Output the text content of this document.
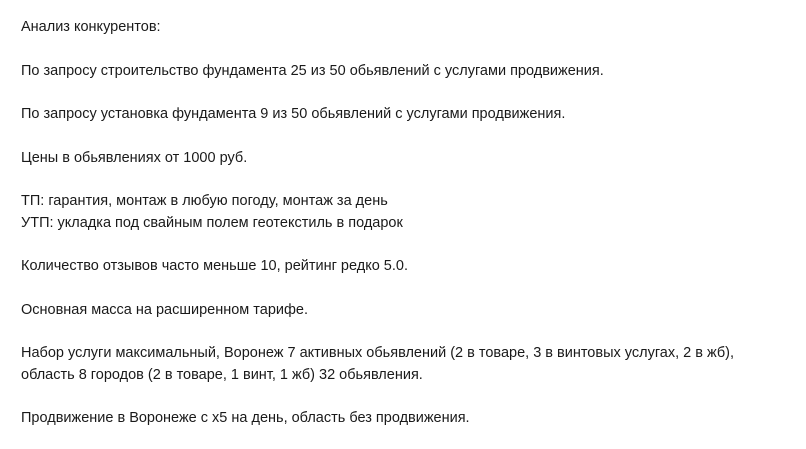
Анализ конкурентов:

По запросу строительство фундамента 25 из 50 обьявлений с услугами продвижения.

По запросу установка фундамента 9 из 50 обьявлений с услугами продвижения.

Цены в обьявлениях от 1000 руб.

ТП: гарантия, монтаж в любую погоду, монтаж за день
УТП: укладка под свайным полем геотекстиль в подарок

Количество отзывов часто меньше 10, рейтинг редко 5.0.

Основная масса на расширенном тарифе.

Набор услуги максимальный, Воронеж 7 активных обьявлений (2 в товаре, 3 в винтовых услугах, 2 в жб), область 8 городов (2 в товаре, 1 винт, 1 жб) 32 обьявления.

Продвижение в Воронеже с х5 на день, область без продвижения.
